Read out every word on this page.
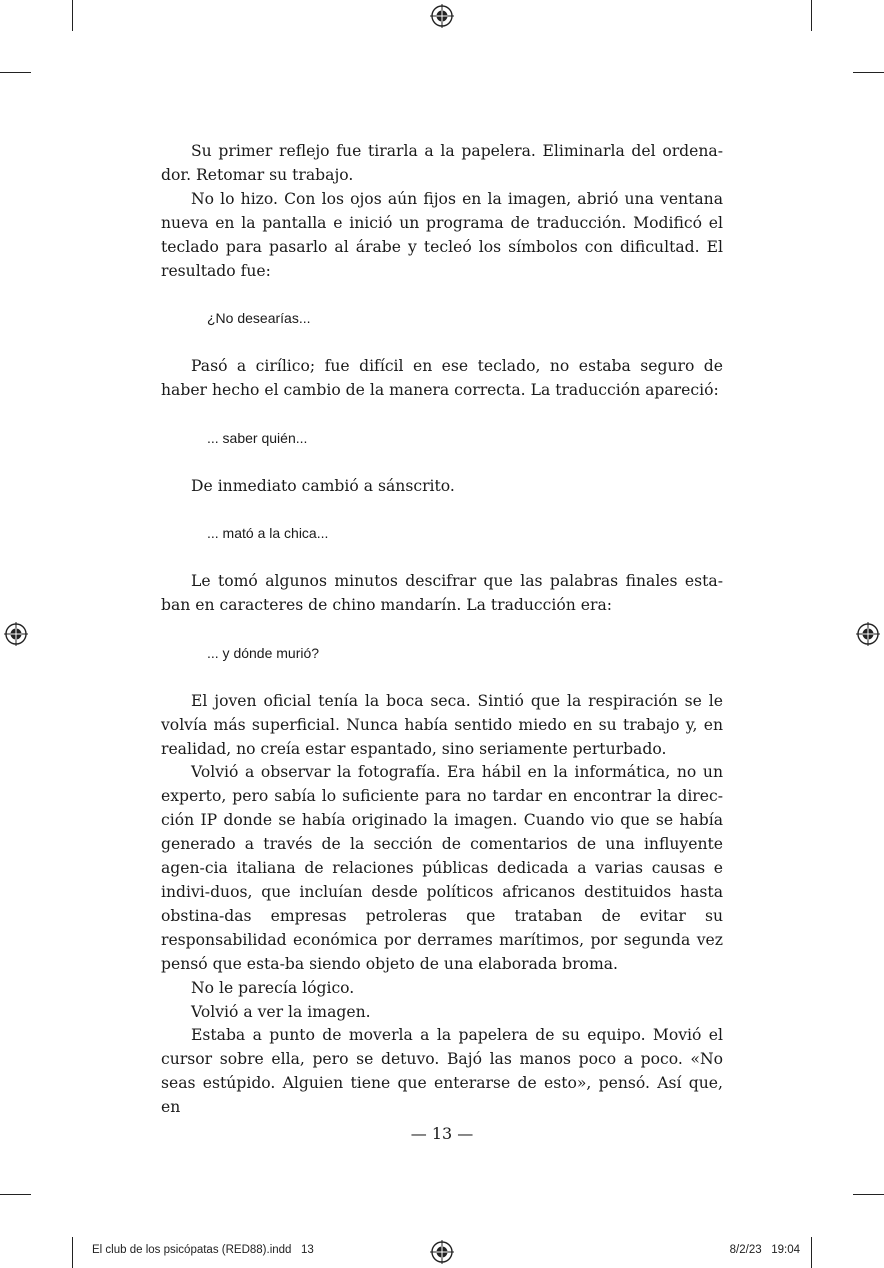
Su primer reflejo fue tirarla a la papelera. Eliminarla del ordena-dor. Retomar su trabajo.

No lo hizo. Con los ojos aún fijos en la imagen, abrió una ventana nueva en la pantalla e inició un programa de traducción. Modificó el teclado para pasarlo al árabe y tecleó los símbolos con dificultad. El resultado fue:

¿No desearías...

Pasó a cirílico; fue difícil en ese teclado, no estaba seguro de haber hecho el cambio de la manera correcta. La traducción apareció:

... saber quién...

De inmediato cambió a sánscrito.

... mató a la chica...

Le tomó algunos minutos descifrar que las palabras finales esta-ban en caracteres de chino mandarín. La traducción era:

... y dónde murió?

El joven oficial tenía la boca seca. Sintió que la respiración se le volvía más superficial. Nunca había sentido miedo en su trabajo y, en realidad, no creía estar espantado, sino seriamente perturbado.

Volvió a observar la fotografía. Era hábil en la informática, no un experto, pero sabía lo suficiente para no tardar en encontrar la direc-ción IP donde se había originado la imagen. Cuando vio que se había generado a través de la sección de comentarios de una influyente agen-cia italiana de relaciones públicas dedicada a varias causas e indivi-duos, que incluían desde políticos africanos destituidos hasta obstina-das empresas petroleras que trataban de evitar su responsabilidad económica por derrames marítimos, por segunda vez pensó que esta-ba siendo objeto de una elaborada broma.

No le parecía lógico.

Volvió a ver la imagen.

Estaba a punto de moverla a la papelera de su equipo. Movió el cursor sobre ella, pero se detuvo. Bajó las manos poco a poco. «No seas estúpido. Alguien tiene que enterarse de esto», pensó. Así que, en

— 13 —
El club de los psicópatas (RED88).indd   13	8/2/23   19:04
